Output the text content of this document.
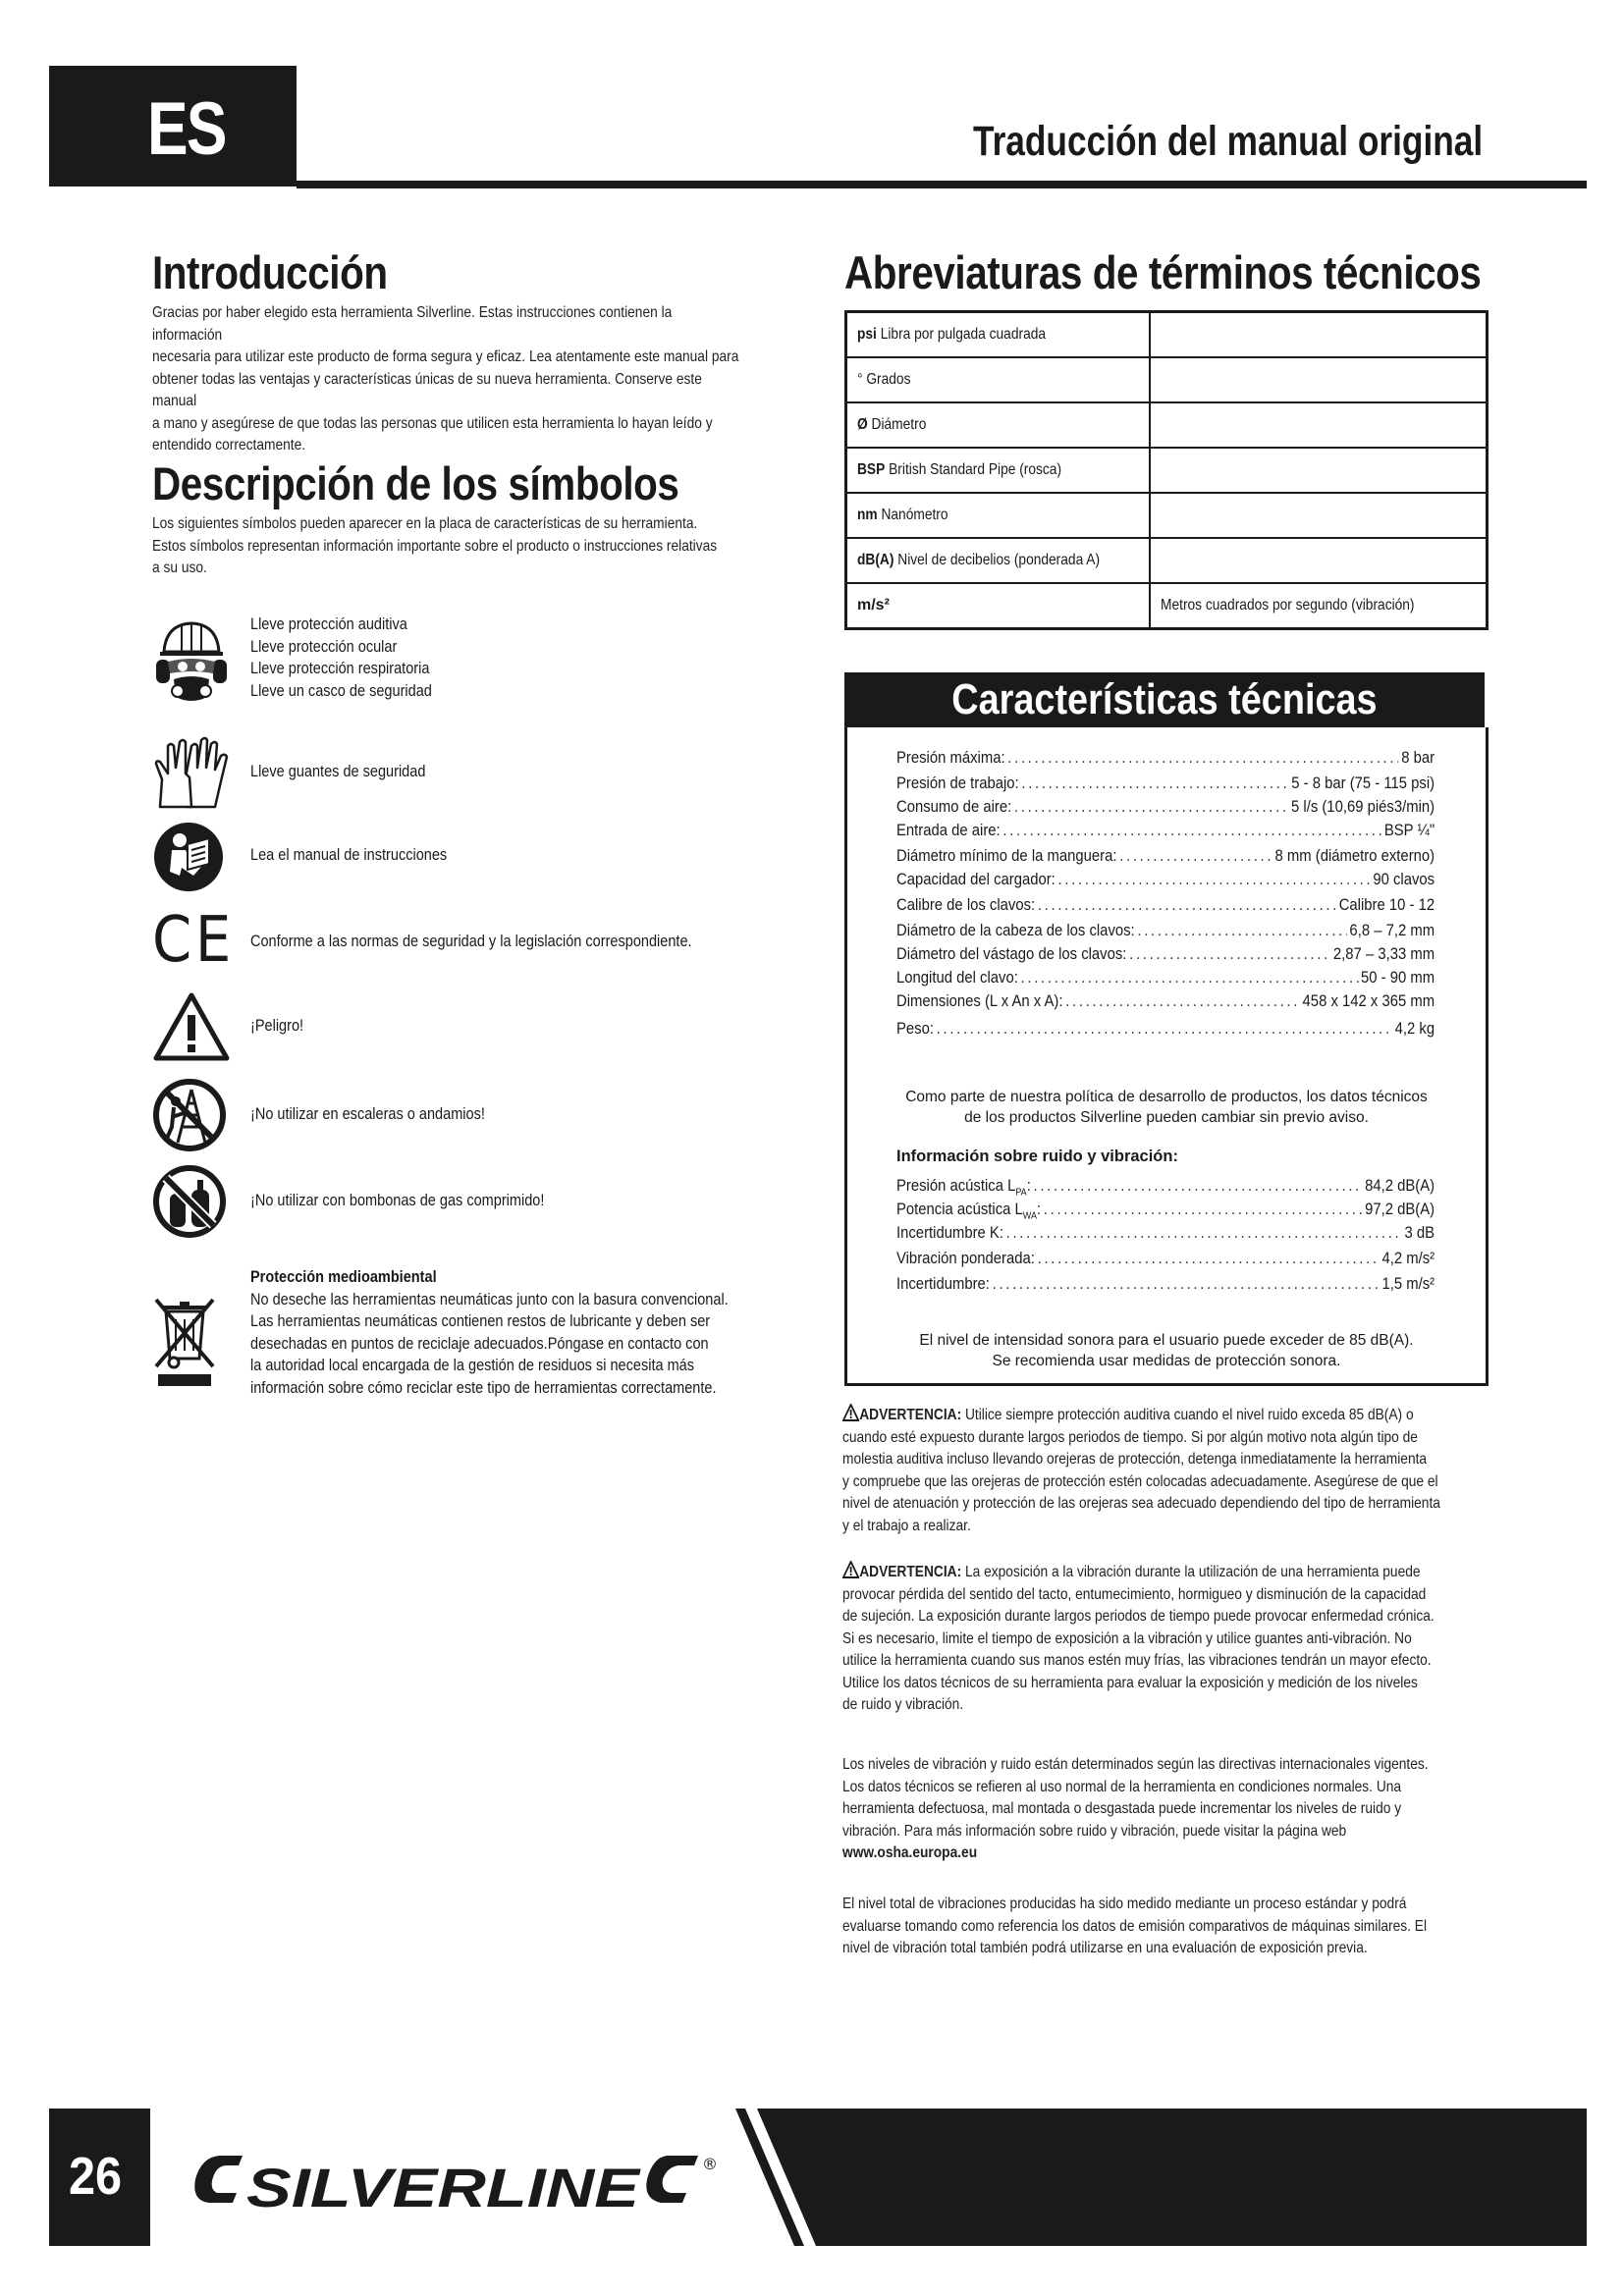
ES	Traducción del manual original
Introducción
Gracias por haber elegido esta herramienta Silverline. Estas instrucciones contienen la información
necesaria para utilizar este producto de forma segura y eficaz. Lea atentamente este manual para
obtener todas las ventajas y características únicas de su nueva herramienta. Conserve este manual
a mano y asegúrese de que todas las personas que utilicen esta herramienta lo hayan leído y
entendido correctamente.
Descripción de los símbolos
Los siguientes símbolos pueden aparecer en la placa de características de su herramienta.
Estos símbolos representan información importante sobre el producto o instrucciones relativas
a su uso.
Lleve protección auditiva
Lleve protección ocular
Lleve protección respiratoria
Lleve un casco de seguridad
Lleve guantes de seguridad
Lea el manual de instrucciones
CE Conforme a las normas de seguridad y la legislación correspondiente.
¡Peligro!
¡No utilizar en escaleras o andamios!
¡No utilizar con bombonas de gas comprimido!
Protección medioambiental
No deseche las herramientas neumáticas junto con la basura convencional.
Las herramientas neumáticas contienen restos de lubricante y deben ser
desechadas en puntos de reciclaje adecuados.Póngase en contacto con
la autoridad local encargada de la gestión de residuos si necesita más
información sobre cómo reciclar este tipo de herramientas correctamente.
Abreviaturas de términos técnicos
psi Libra por pulgada cuadrada	
° Grados	
Ø Diámetro	
BSP British Standard Pipe (rosca)	
nm Nanómetro	
dB(A) Nivel de decibelios (ponderada A)	
m/s²	Metros cuadrados por segundo (vibración)
Características técnicas
Presión máxima: .....	8 bar
Presión de trabajo: .....	5 - 8 bar (75 - 115 psi)
Consumo de aire: .....	5 l/s (10,69 piés3/min)
Entrada de aire: .....	BSP ¼"
Diámetro mínimo de la manguera: .....	8 mm (diámetro externo)
Capacidad del cargador: .....	90 clavos
Calibre de los clavos: .....	Calibre 10 - 12
Diámetro de la cabeza de los clavos: .....	6,8 – 7,2 mm
Diámetro del vástago de los clavos: .....	2,87 – 3,33 mm
Longitud del clavo: .....	50 - 90 mm
Dimensiones (L x An x A): .....	458 x 142 x 365 mm
Peso: .....	4,2 kg
Como parte de nuestra política de desarrollo de productos, los datos técnicos
de los productos Silverline pueden cambiar sin previo aviso.
Información sobre ruido y vibración:
Presión acústica $L_{PA}$: .....	84,2 dB(A)
Potencia acústica $L_{WA}$: .....	97,2 dB(A)
Incertidumbre K: .....	3 dB
Vibración ponderada: .....	4,2 m/s²
Incertidumbre: .....	1,5 m/s²
El nivel de intensidad sonora para el usuario puede exceder de 85 dB(A).
Se recomienda usar medidas de protección sonora.
ADVERTENCIA: Utilice siempre protección auditiva cuando el nivel ruido exceda 85 dB(A) o
cuando esté expuesto durante largos periodos de tiempo. Si por algún motivo nota algún tipo de
molestia auditiva incluso llevando orejeras de protección, detenga inmediatamente la herramienta
y compruebe que las orejeras de protección estén colocadas adecuadamente. Asegúrese de que el
nivel de atenuación y protección de las orejeras sea adecuado dependiendo del tipo de herramienta
y el trabajo a realizar.
ADVERTENCIA: La exposición a la vibración durante la utilización de una herramienta puede
provocar pérdida del sentido del tacto, entumecimiento, hormigueo y disminución de la capacidad
de sujeción. La exposición durante largos periodos de tiempo puede provocar enfermedad crónica.
Si es necesario, limite el tiempo de exposición a la vibración y utilice guantes anti-vibración. No
utilice la herramienta cuando sus manos estén muy frías, las vibraciones tendrán un mayor efecto.
Utilice los datos técnicos de su herramienta para evaluar la exposición y medición de los niveles
de ruido y vibración.
Los niveles de vibración y ruido están determinados según las directivas internacionales vigentes.
Los datos técnicos se refieren al uso normal de la herramienta en condiciones normales. Una
herramienta defectuosa, mal montada o desgastada puede incrementar los niveles de ruido y
vibración. Para más información sobre ruido y vibración, puede visitar la página web
www.osha.europa.eu
El nivel total de vibraciones producidas ha sido medido mediante un proceso estándar y podrá
evaluarse tomando como referencia los datos de emisión comparativos de máquinas similares. El
nivel de vibración total también podrá utilizarse en una evaluación de exposición previa.
26 SILVERLINE	®
